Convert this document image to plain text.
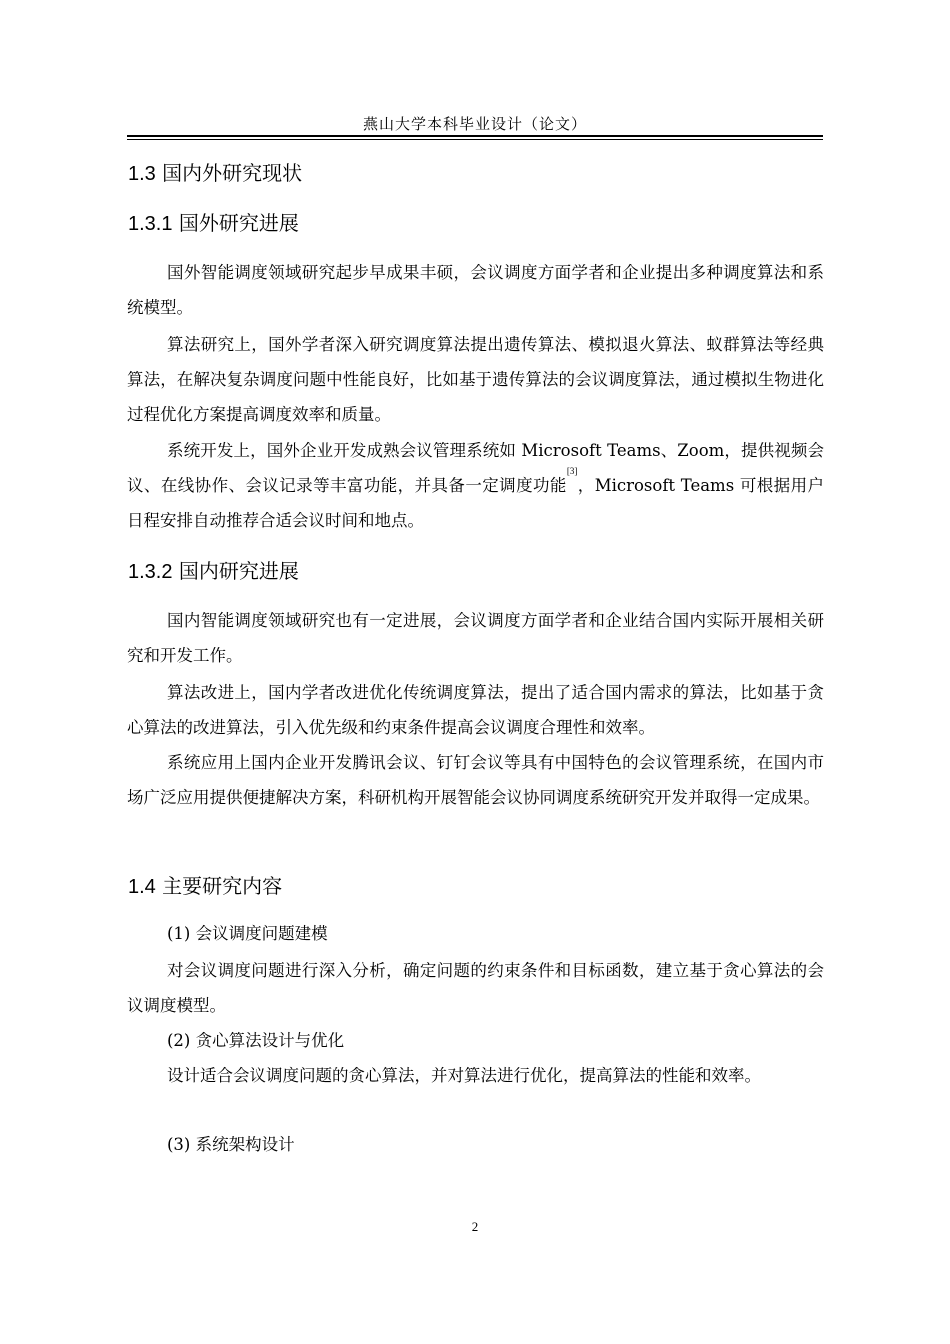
燕山大学本科毕业设计（论文）
1.3 国内外研究现状
1.3.1 国外研究进展
国外智能调度领域研究起步早成果丰硕，会议调度方面学者和企业提出多种调度算法和系统模型。
算法研究上，国外学者深入研究调度算法提出遗传算法、模拟退火算法、蚁群算法等经典算法，在解决复杂调度问题中性能良好，比如基于遗传算法的会议调度算法，通过模拟生物进化过程优化方案提高调度效率和质量。
系统开发上，国外企业开发成熟会议管理系统如 Microsoft Teams、Zoom，提供视频会议、在线协作、会议记录等丰富功能，并具备一定调度功能[3]，Microsoft Teams 可根据用户日程安排自动推荐合适会议时间和地点。
1.3.2 国内研究进展
国内智能调度领域研究也有一定进展，会议调度方面学者和企业结合国内实际开展相关研究和开发工作。
算法改进上，国内学者改进优化传统调度算法，提出了适合国内需求的算法，比如基于贪心算法的改进算法，引入优先级和约束条件提高会议调度合理性和效率。
系统应用上国内企业开发腾讯会议、钉钉会议等具有中国特色的会议管理系统，在国内市场广泛应用提供便捷解决方案，科研机构开展智能会议协同调度系统研究开发并取得一定成果。
1.4 主要研究内容
(1) 会议调度问题建模
对会议调度问题进行深入分析，确定问题的约束条件和目标函数，建立基于贪心算法的会议调度模型。
(2) 贪心算法设计与优化
设计适合会议调度问题的贪心算法，并对算法进行优化，提高算法的性能和效率。
(3) 系统架构设计
2
